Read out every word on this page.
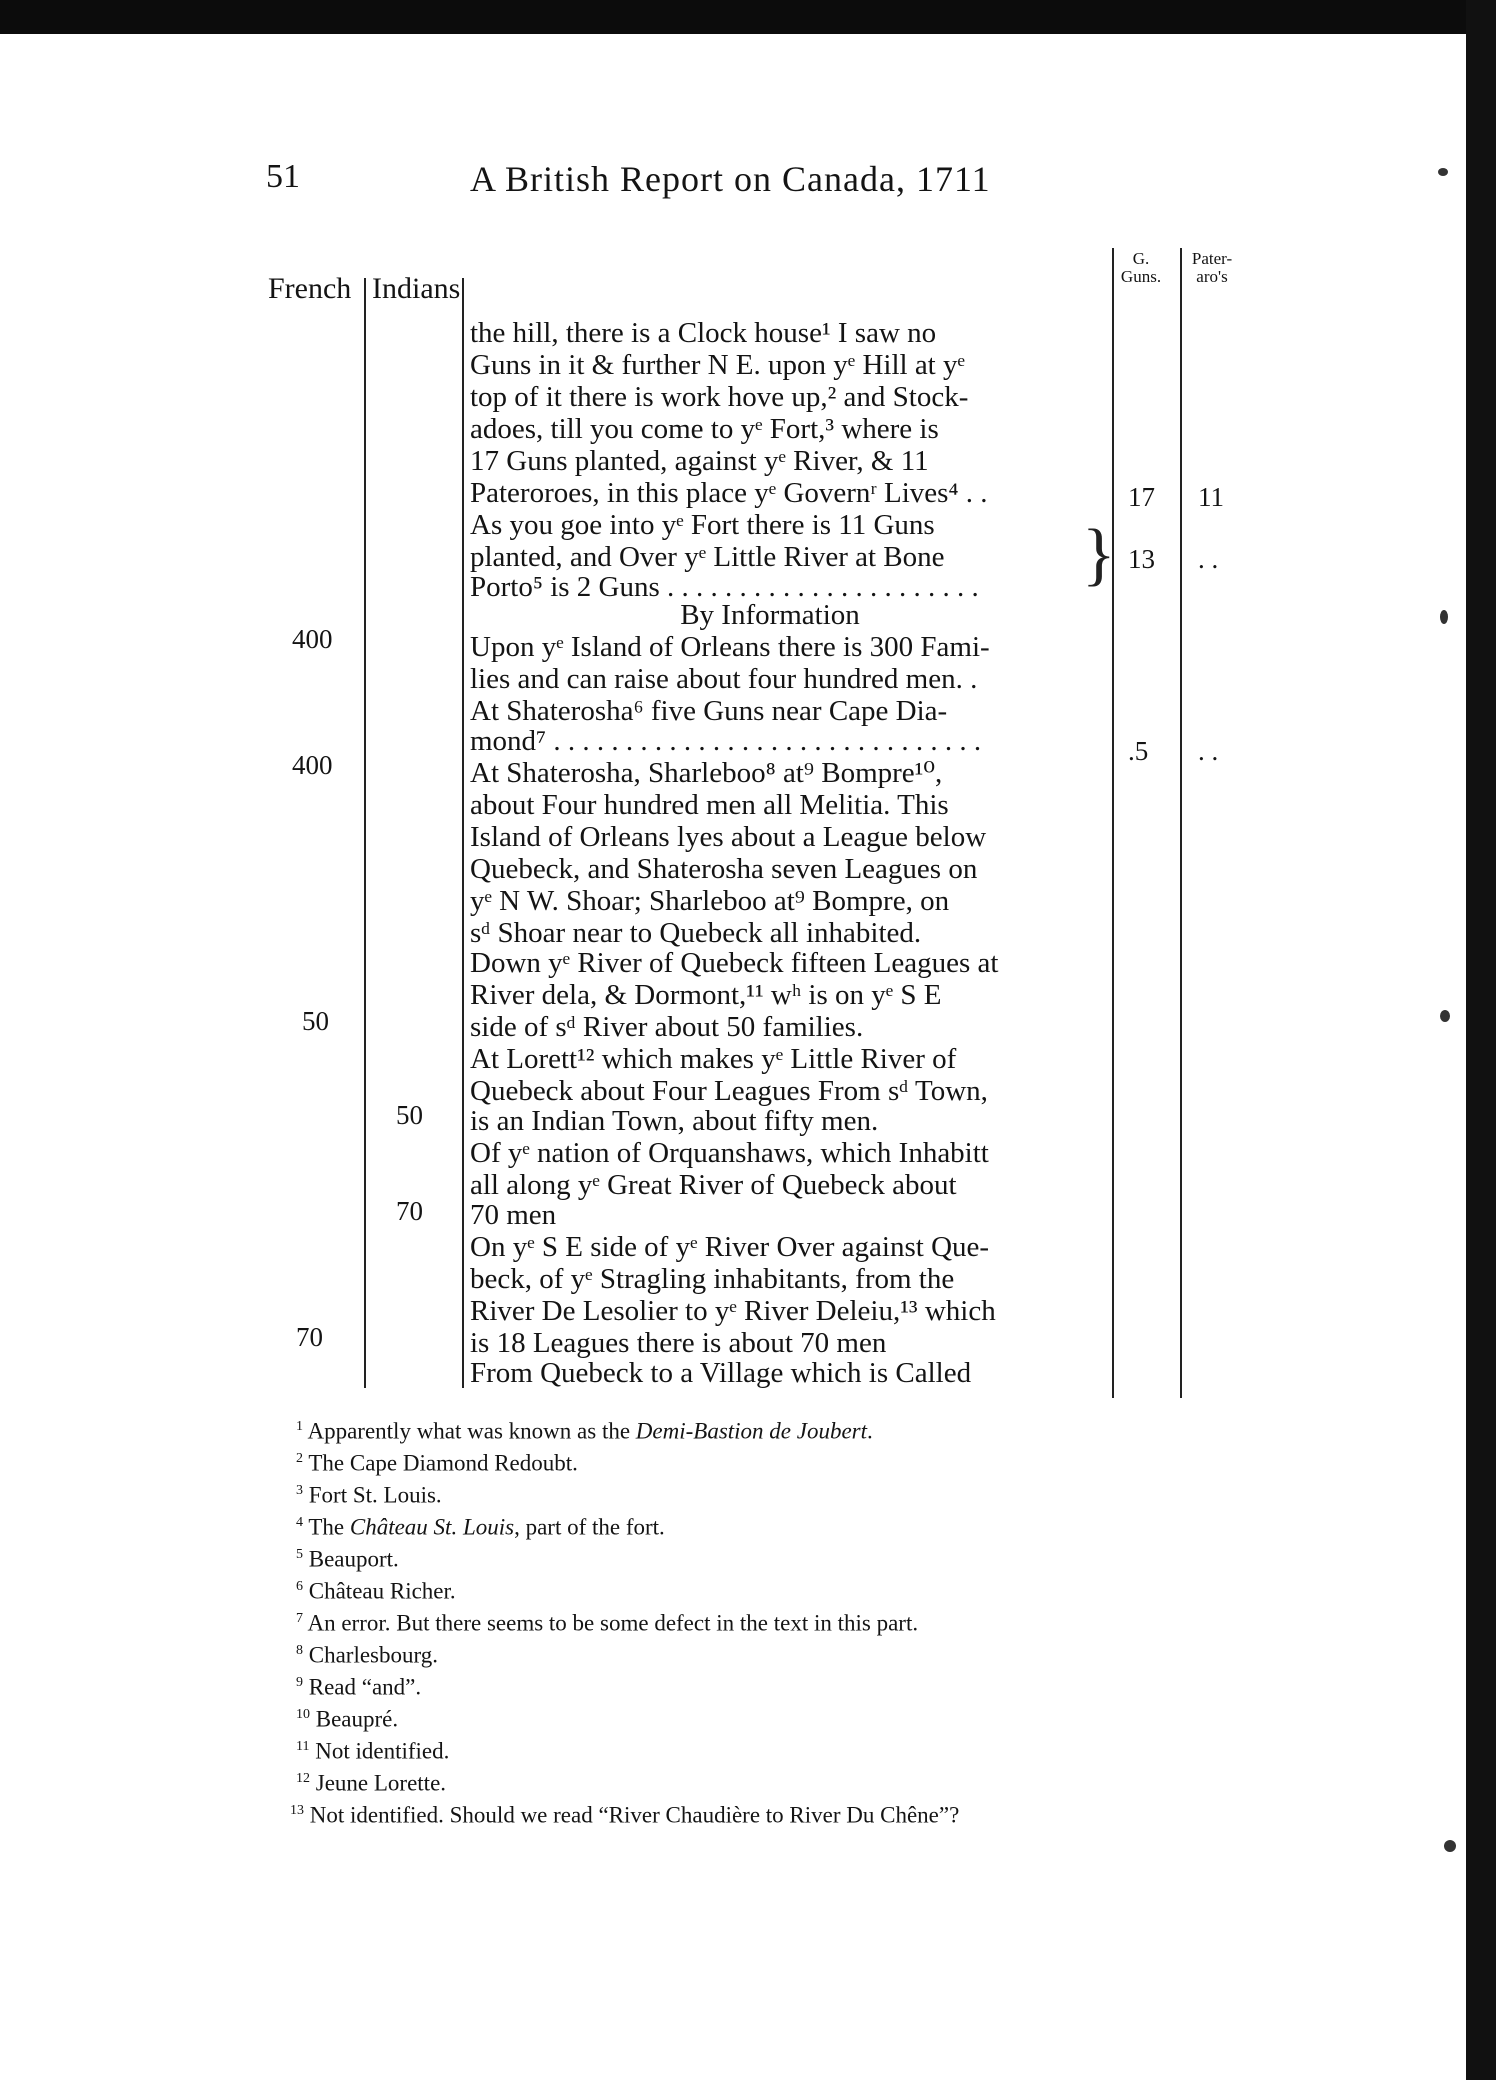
51	A British Report on Canada, 1711
French Indians
G. Guns.
Pater- aro's
the hill, there is a Clock house¹ I saw no
Guns in it & further N E. upon yᵉ Hill at yᵉ
top of it there is work hove up,² and Stock-
adoes, till you come to yᵉ Fort,³ where is
17 Guns planted, against yᵉ River, & 11
Pateroroes, in this place yᵉ Governʳ Lives⁴ . .
As you goe into yᵉ Fort there is 11 Guns
planted, and Over yᵉ Little River at Bone
Porto⁵ is 2 Guns . . . . . . . . . . . . . . . . . . . . . .
By Information
Upon yᵉ Island of Orleans there is 300 Fami-
lies and can raise about four hundred men. .
At Shaterosha⁶ five Guns near Cape Dia-
mond⁷ . . . . . . . . . . . . . . . . . . . . . . . . . . . . . .
At Shaterosha, Sharleboo⁸ at⁹ Bompre¹⁰,
about Four hundred men all Melitia. This
Island of Orleans lyes about a League below
Quebeck, and Shaterosha seven Leagues on
yᵉ N W. Shoar; Sharleboo at⁹ Bompre, on
sᵈ Shoar near to Quebeck all inhabited.
Down yᵉ River of Quebeck fifteen Leagues at
River dela, & Dormont,¹¹ wʰ is on yᵉ S E
side of sᵈ River about 50 families.
At Lorett¹² which makes yᵉ Little River of
Quebeck about Four Leagues From sᵈ Town,
is an Indian Town, about fifty men.
Of yᵉ nation of Orquanshaws, which Inhabitt
all along yᵉ Great River of Quebeck about
70 men
On yᵉ S E side of yᵉ River Over against Que-
beck, of yᵉ Stragling inhabitants, from the
River De Lesolier to yᵉ River Deleiu,¹³ which
is 18 Leagues there is about 70 men
From Quebeck to a Village which is Called
}
400
400
50
70
50
70
17
13
.5
11
. .
. .
$^1$ Apparently what was known as the Demi-Bastion de Joubert.
$^2$ The Cape Diamond Redoubt.
$^3$ Fort St. Louis.
$^4$ The Château St. Louis, part of the fort.
$^5$ Beauport.
$^6$ Château Richer.
$^7$ An error. But there seems to be some defect in the text in this part.
$^8$ Charlesbourg.
$^9$ Read “and”.
$^{10}$ Beaupré.
$^{11}$ Not identified.
$^{12}$ Jeune Lorette.
$^{13}$ Not identified. Should we read “River Chaudière to River Du Chêne”?
